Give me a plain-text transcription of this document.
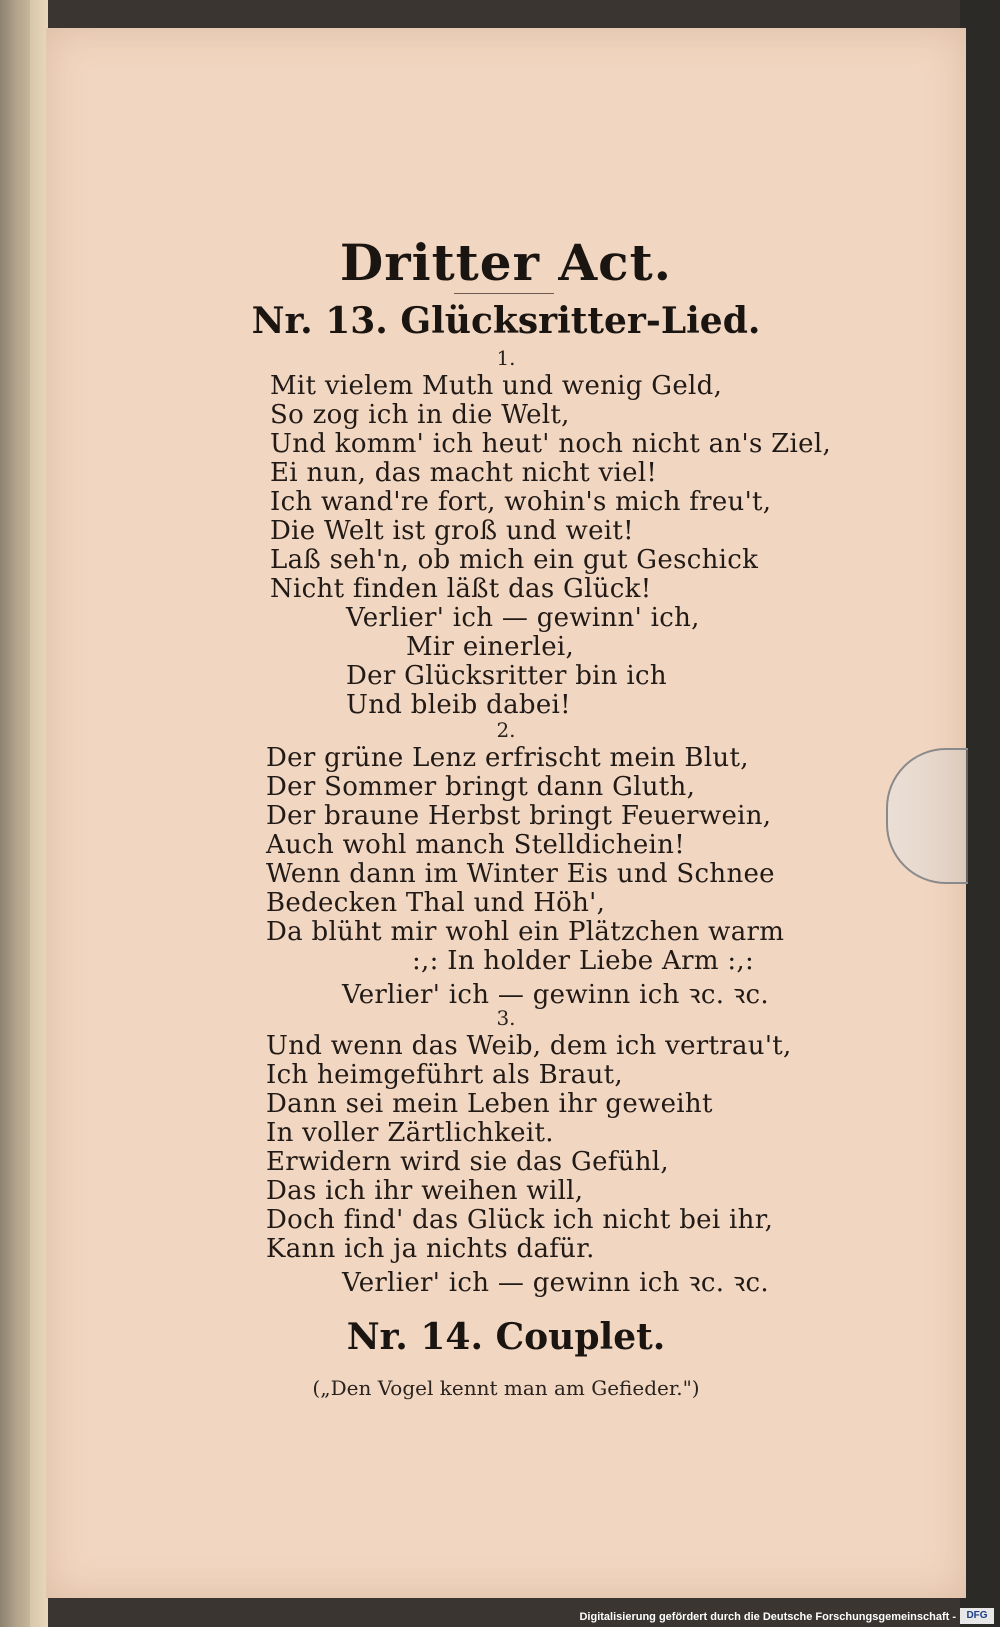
Dritter Act.
Nr. 13. Glücksritter-Lied.
1.
Mit vielem Muth und wenig Geld,
So zog ich in die Welt,
Und komm' ich heut' noch nicht an's Ziel,
Ei nun, das macht nicht viel!
Ich wand're fort, wohin's mich freu't,
Die Welt ist groß und weit!
Laß seh'n, ob mich ein gut Geschick
Nicht finden läßt das Glück!
Verlier' ich — gewinn' ich,
Mir einerlei,
Der Glücksritter bin ich
Und bleib dabei!
2.
Der grüne Lenz erfrischt mein Blut,
Der Sommer bringt dann Gluth,
Der braune Herbst bringt Feuerwein,
Auch wohl manch Stelldichein!
Wenn dann im Winter Eis und Schnee
Bedecken Thal und Höh',
Da blüht mir wohl ein Plätzchen warm
:,: In holder Liebe Arm :,:
Verlier' ich — gewinn ich ꝛc. ꝛc.
3.
Und wenn das Weib, dem ich vertrau't,
Ich heimgeführt als Braut,
Dann sei mein Leben ihr geweiht
In voller Zärtlichkeit.
Erwidern wird sie das Gefühl,
Das ich ihr weihen will,
Doch find' das Glück ich nicht bei ihr,
Kann ich ja nichts dafür.
Verlier' ich — gewinn ich ꝛc. ꝛc.
Nr. 14. Couplet.
(„Den Vogel kennt man am Gefieder.")
Digitalisierung gefördert durch die Deutsche Forschungsgemeinschaft -	DFG
